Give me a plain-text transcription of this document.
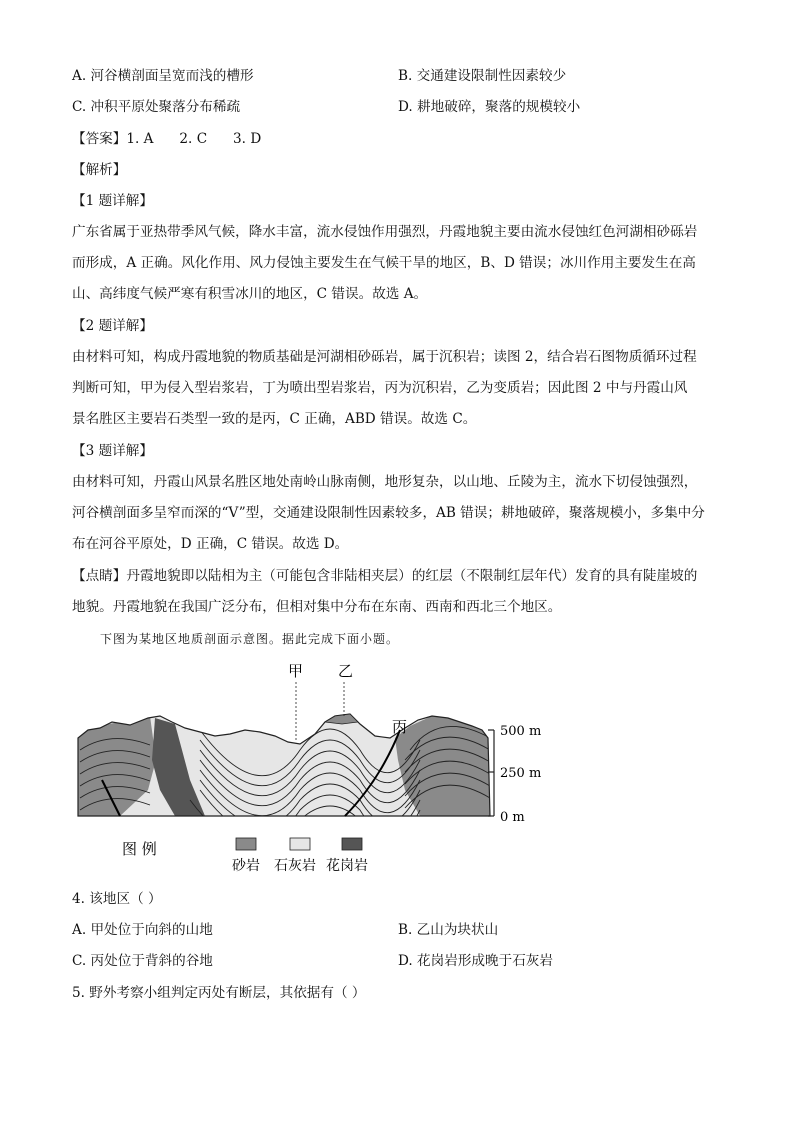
A. 河谷横剖面呈宽而浅的槽形	B. 交通建设限制性因素较少
C. 冲积平原处聚落分布稀疏	D. 耕地破碎，聚落的规模较小
【答案】1. A      2. C      3. D
【解析】
【1 题详解】
广东省属于亚热带季风气候，降水丰富，流水侵蚀作用强烈，丹霞地貌主要由流水侵蚀红色河湖相砂砾岩
而形成，A 正确。风化作用、风力侵蚀主要发生在气候干旱的地区，B、D 错误；冰川作用主要发生在高
山、高纬度气候严寒有积雪冰川的地区，C 错误。故选 A。
【2 题详解】
由材料可知，构成丹霞地貌的物质基础是河湖相砂砾岩，属于沉积岩；读图 2，结合岩石图物质循环过程
判断可知，甲为侵入型岩浆岩，丁为喷出型岩浆岩，丙为沉积岩，乙为变质岩；因此图 2 中与丹霞山风
景名胜区主要岩石类型一致的是丙，C 正确，ABD 错误。故选 C。
【3 题详解】
由材料可知，丹霞山风景名胜区地处南岭山脉南侧，地形复杂，以山地、丘陵为主，流水下切侵蚀强烈，
河谷横剖面多呈窄而深的“V”型，交通建设限制性因素较多，AB 错误；耕地破碎，聚落规模小，多集中分
布在河谷平原处，D 正确，C 错误。故选 D。
【点睛】丹霞地貌即以陆相为主（可能包含非陆相夹层）的红层（不限制红层年代）发育的具有陡崖坡的
地貌。丹霞地貌在我国广泛分布，但相对集中分布在东南、西南和西北三个地区。
下图为某地区地质剖面示意图。据此完成下面小题。
甲 乙
丙	500 m
250 m
0 m
图 例
砂岩 石灰岩 花岗岩
4. 该地区（ ）
A. 甲处位于向斜的山地	B. 乙山为块状山
C. 丙处位于背斜的谷地	D. 花岗岩形成晚于石灰岩
5. 野外考察小组判定丙处有断层，其依据有（ ）
